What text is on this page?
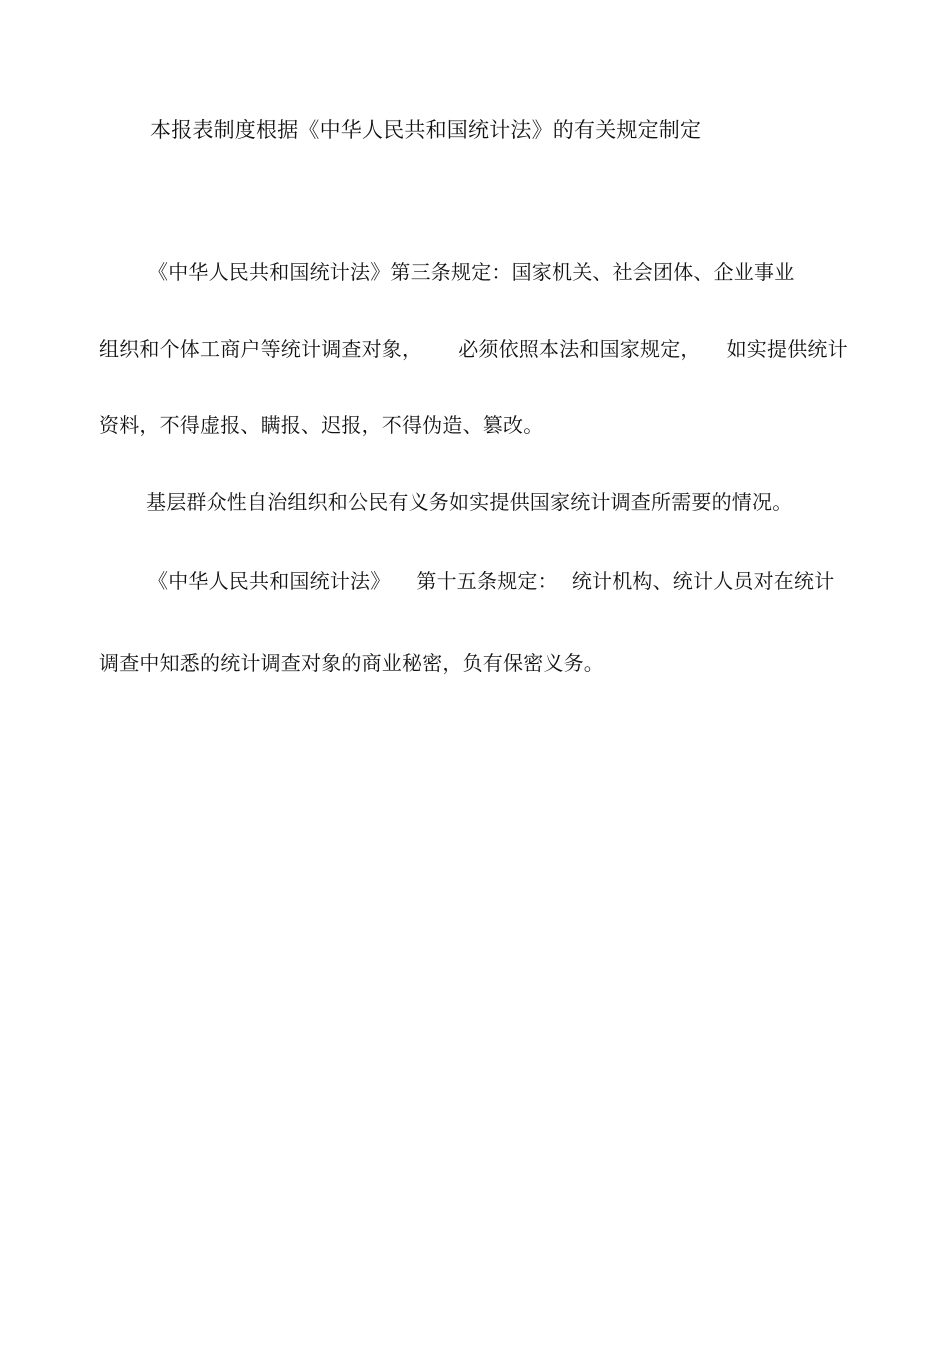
本报表制度根据《中华人民共和国统计法》的有关规定制定
《中华人民共和国统计法》第三条规定：国家机关、社会团体、企业事业
组织和个体工商户等统计调查对象， 必须依照本法和国家规定， 如实提供统计
资料，不得虚报、瞒报、迟报，不得伪造、篡改。
基层群众性自治组织和公民有义务如实提供国家统计调查所需要的情况。
《中华人民共和国统计法》 第十五条规定： 统计机构、统计人员对在统计
调查中知悉的统计调查对象的商业秘密，负有保密义务。
